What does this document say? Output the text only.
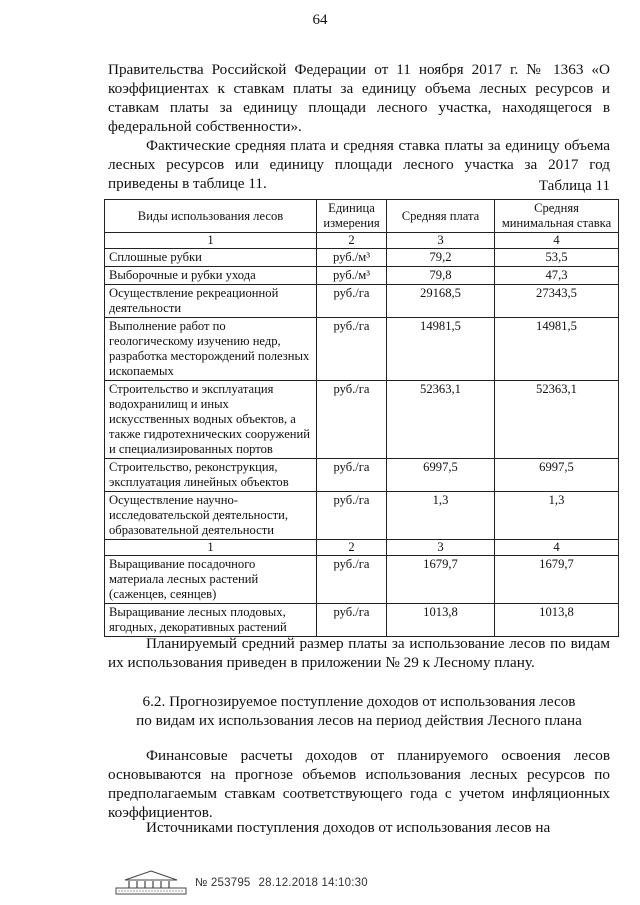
64

Правительства Российской Федерации от 11 ноября 2017 г. № 1363 «О коэффициентах к ставкам платы за единицу объема лесных ресурсов и ставкам платы за единицу площади лесного участка, находящегося в федеральной собственности».

Фактические средняя плата и средняя ставка платы за единицу объема лесных ресурсов или единицу площади лесного участка за 2017 год приведены в таблице 11.	Таблица 11
Виды использования лесов	Единица измерения	Средняя плата	Средняя минимальная ставка
1	2	3	4
Сплошные рубки	руб./м³	79,2	53,5
Выборочные и рубки ухода	руб./м³	79,8	47,3
Осуществление рекреационной деятельности	руб./га	29168,5	27343,5
Выполнение работ по геологическому изучению недр, разработка месторождений полезных ископаемых	руб./га	14981,5	14981,5
Строительство и эксплуатация водохранилищ и иных искусственных водных объектов, а также гидротехнических сооружений и специализированных портов	руб./га	52363,1	52363,1
Строительство, реконструкция, эксплуатация линейных объектов	руб./га	6997,5	6997,5
Осуществление научно-исследовательской деятельности, образовательной деятельности	руб./га	1,3	1,3
1	2	3	4
Выращивание посадочного материала лесных растений (саженцев, сеянцев)	руб./га	1679,7	1679,7
Выращивание лесных плодовых, ягодных, декоративных растений	руб./га	1013,8	1013,8

Планируемый средний размер платы за использование лесов по видам их использования приведен в приложении № 29 к Лесному плану.

6.2. Прогнозируемое поступление доходов от использования лесов
по видам их использования лесов на период действия Лесного плана

Финансовые расчеты доходов от планируемого освоения лесов основываются на прогнозе объемов использования лесных ресурсов по предполагаемым ставкам соответствующего года с учетом инфляционных коэффициентов.

Источниками поступления доходов от использования лесов на

№ 253795 28.12.2018 14:10:30
